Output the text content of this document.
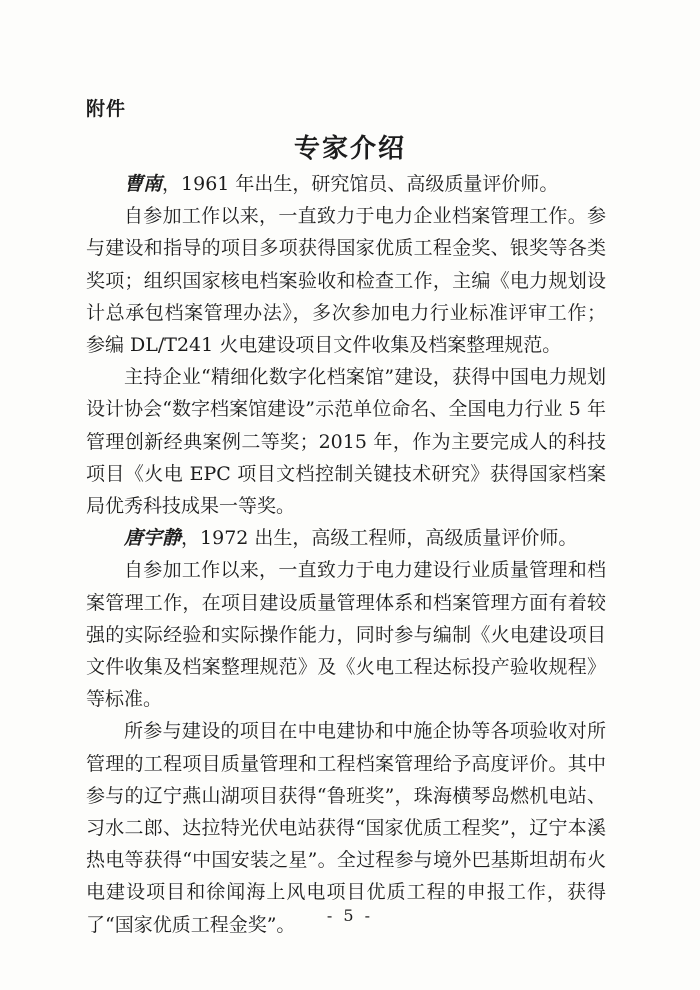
附件
专家介绍

曹南，1961 年出生，研究馆员、高级质量评价师。

自参加工作以来，一直致力于电力企业档案管理工作。参与建设和指导的项目多项获得国家优质工程金奖、银奖等各类奖项；组织国家核电档案验收和检查工作，主编《电力规划设计总承包档案管理办法》，多次参加电力行业标准评审工作；参编 DL/T241 火电建设项目文件收集及档案整理规范。

主持企业“精细化数字化档案馆”建设，获得中国电力规划设计协会“数字档案馆建设”示范单位命名、全国电力行业 5 年管理创新经典案例二等奖；2015 年，作为主要完成人的科技项目《火电 EPC 项目文档控制关键技术研究》获得国家档案局优秀科技成果一等奖。

唐宇静，1972 出生，高级工程师，高级质量评价师。

自参加工作以来，一直致力于电力建设行业质量管理和档案管理工作，在项目建设质量管理体系和档案管理方面有着较强的实际经验和实际操作能力，同时参与编制《火电建设项目文件收集及档案整理规范》及《火电工程达标投产验收规程》等标准。

所参与建设的项目在中电建协和中施企协等各项验收对所管理的工程项目质量管理和工程档案管理给予高度评价。其中参与的辽宁燕山湖项目获得“鲁班奖”，珠海横琴岛燃机电站、习水二郎、达拉特光伏电站获得“国家优质工程奖”，辽宁本溪热电等获得“中国安装之星”。全过程参与境外巴基斯坦胡布火电建设项目和徐闻海上风电项目优质工程的申报工作，获得了“国家优质工程金奖”。	- 5 -
